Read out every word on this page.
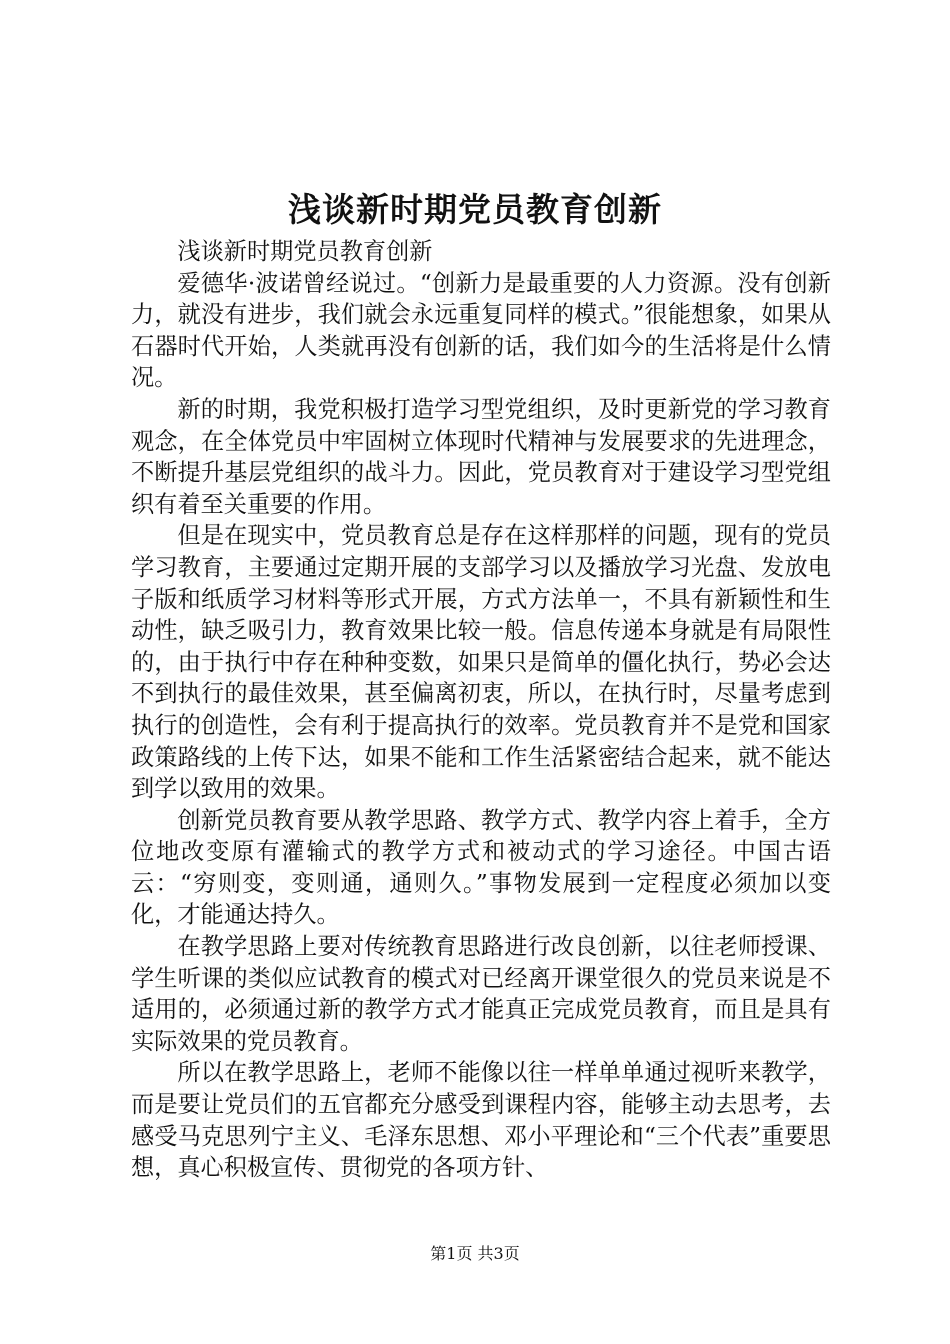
浅谈新时期党员教育创新

浅谈新时期党员教育创新

爱德华·波诺曾经说过。“创新力是最重要的人力资源。没有创新力，就没有进步，我们就会永远重复同样的模式。”很能想象，如果从石器时代开始，人类就再没有创新的话，我们如今的生活将是什么情况。

新的时期，我党积极打造学习型党组织，及时更新党的学习教育观念，在全体党员中牢固树立体现时代精神与发展要求的先进理念，不断提升基层党组织的战斗力。因此，党员教育对于建设学习型党组织有着至关重要的作用。

但是在现实中，党员教育总是存在这样那样的问题，现有的党员学习教育，主要通过定期开展的支部学习以及播放学习光盘、发放电子版和纸质学习材料等形式开展，方式方法单一，不具有新颖性和生动性，缺乏吸引力，教育效果比较一般。信息传递本身就是有局限性的，由于执行中存在种种变数，如果只是简单的僵化执行，势必会达不到执行的最佳效果，甚至偏离初衷，所以，在执行时，尽量考虑到执行的创造性，会有利于提高执行的效率。党员教育并不是党和国家政策路线的上传下达，如果不能和工作生活紧密结合起来，就不能达到学以致用的效果。

创新党员教育要从教学思路、教学方式、教学内容上着手，全方位地改变原有灌输式的教学方式和被动式的学习途径。中国古语云：“穷则变，变则通，通则久。”事物发展到一定程度必须加以变化，才能通达持久。

在教学思路上要对传统教育思路进行改良创新，以往老师授课、学生听课的类似应试教育的模式对已经离开课堂很久的党员来说是不适用的，必须通过新的教学方式才能真正完成党员教育，而且是具有实际效果的党员教育。

所以在教学思路上，老师不能像以往一样单单通过视听来教学，而是要让党员们的五官都充分感受到课程内容，能够主动去思考，去感受马克思列宁主义、毛泽东思想、邓小平理论和“三个代表”重要思想，真心积极宣传、贯彻党的各项方针、

第1页 共3页
